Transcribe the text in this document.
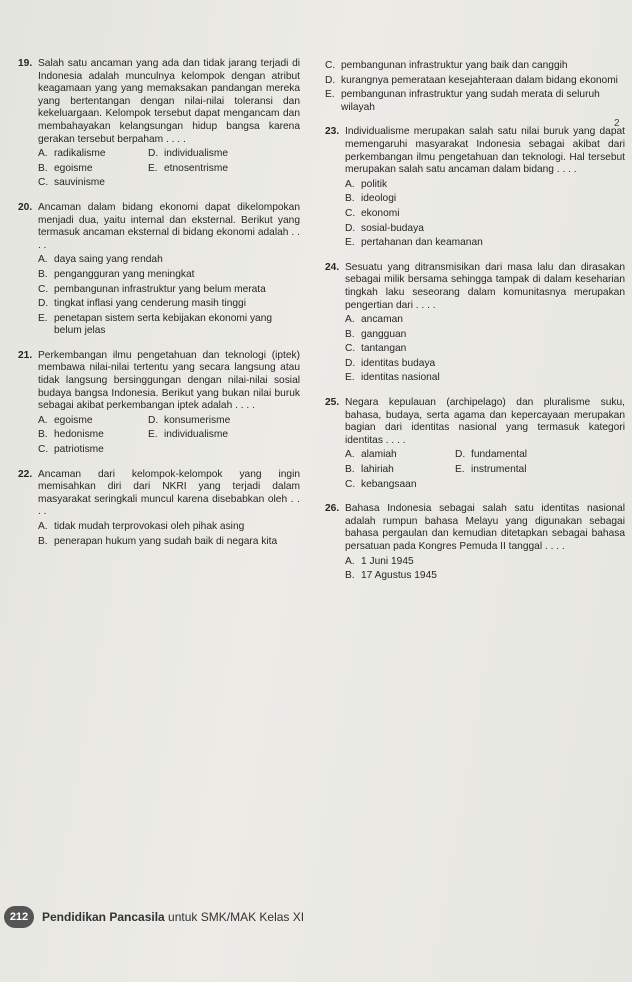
19. Salah satu ancaman yang ada dan tidak jarang terjadi di Indonesia adalah munculnya kelompok dengan atribut keagamaan yang yang memaksakan pandangan mereka yang bertentangan dengan nilai-nilai toleransi dan kekeluargaan. Kelompok tersebut dapat mengancam dan membahayakan kelangsungan hidup bangsa karena gerakan tersebut berpaham . . . .
A. radikalisme	D. individualisme
B. egoisme	E. etnosentrisme
C. sauvinisme
20. Ancaman dalam bidang ekonomi dapat dikelompokan menjadi dua, yaitu internal dan eksternal. Berikut yang termasuk ancaman eksternal di bidang ekonomi adalah . . . .
A. daya saing yang rendah
B. pengangguran yang meningkat
C. pembangunan infrastruktur yang belum merata
D. tingkat inflasi yang cenderung masih tinggi
E. penetapan sistem serta kebijakan ekonomi yang belum jelas
21. Perkembangan ilmu pengetahuan dan teknologi (iptek) membawa nilai-nilai tertentu yang secara langsung atau tidak langsung bersinggungan dengan nilai-nilai sosial budaya bangsa Indonesia. Berikut yang bukan nilai buruk sebagai akibat perkembangan iptek adalah . . . .
A. egoisme	D. konsumerisme
B. hedonisme	E. individualisme
C. patriotisme
22. Ancaman dari kelompok-kelompok yang ingin memisahkan diri dari NKRI yang terjadi dalam masyarakat seringkali muncul karena disebabkan oleh . . . .
A. tidak mudah terprovokasi oleh pihak asing
B. penerapan hukum yang sudah baik di negara kita
C. pembangunan infrastruktur yang baik dan canggih
D. kurangnya pemerataan kesejahteraan dalam bidang ekonomi
E. pembangunan infrastruktur yang sudah merata di seluruh wilayah
23. Individualisme merupakan salah satu nilai buruk yang dapat memengaruhi masyarakat Indonesia sebagai akibat dari perkembangan ilmu pengetahuan dan teknologi. Hal tersebut merupakan salah satu ancaman dalam bidang . . . .
A. politik
B. ideologi
C. ekonomi
D. sosial-budaya
E. pertahanan dan keamanan
24. Sesuatu yang ditransmisikan dari masa lalu dan dirasakan sebagai milik bersama sehingga tampak di dalam keseharian tingkah laku seseorang dalam komunitasnya merupakan pengertian dari . . . .
A. ancaman
B. gangguan
C. tantangan
D. identitas budaya
E. identitas nasional
25. Negara kepulauan (archipelago) dan pluralisme suku, bahasa, budaya, serta agama dan kepercayaan merupakan bagian dari identitas nasional yang termasuk kategori identitas . . . .
A. alamiah	D. fundamental
B. lahiriah	E. instrumental
C. kebangsaan
26. Bahasa Indonesia sebagai salah satu identitas nasional adalah rumpun bahasa Melayu yang digunakan sebagai bahasa pergaulan dan kemudian ditetapkan sebagai bahasa persatuan pada Kongres Pemuda II tanggal . . . .
A. 1 Juni 1945
B. 17 Agustus 1945
2
212	Pendidikan Pancasila untuk SMK/MAK Kelas XI
